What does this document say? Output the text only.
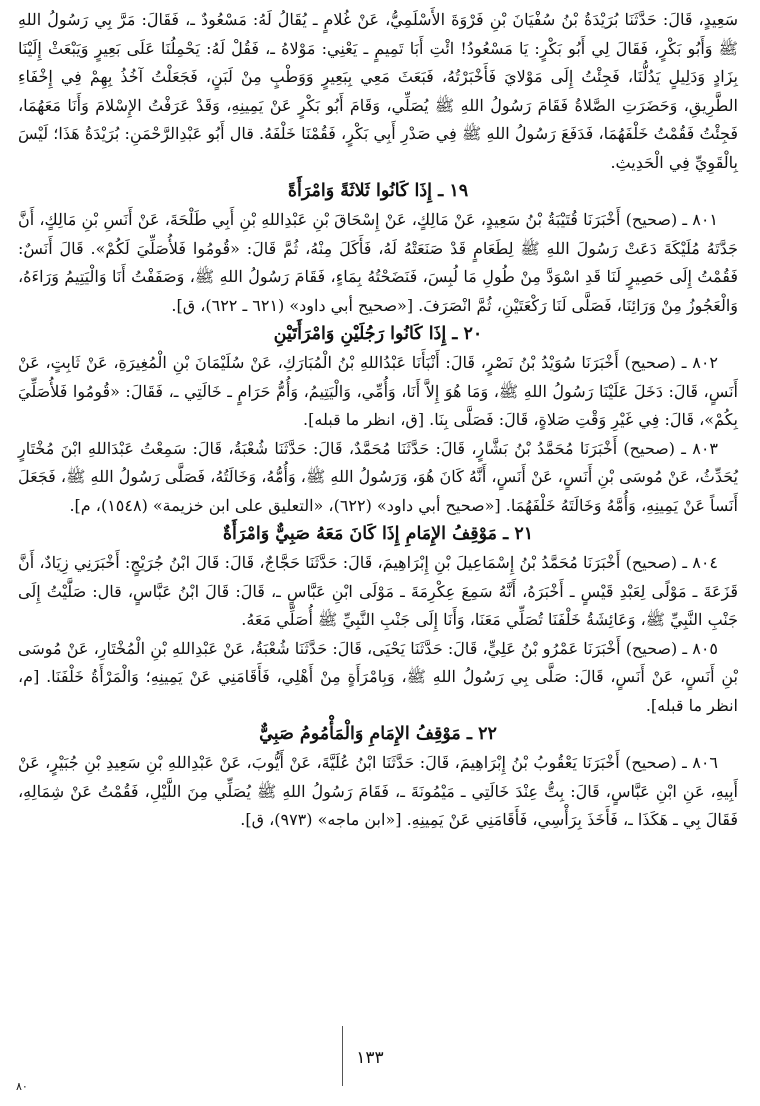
سَعِيدٍ، قَالَ: حَدَّثَنَا بُرَيْدَةُ بْنُ سُفْيَانَ بْنِ فَرْوَةَ الأَسْلَمِيُّ، عَنْ غُلامٍ ـ يُقَالُ لَهُ: مَسْعُودٌ ـ، فَقَالَ: مَرَّ بِي رَسُولُ اللهِ ﷺ وَأَبُو بَكْرٍ، فَقَالَ لِي أَبُو بَكْرٍ: يَا مَسْعُودُ! ائْتِ أَبَا تَمِيمٍ ـ يَعْنِي: مَوْلاهُ ـ، فَقُلْ لَهُ: يَحْمِلُنَا عَلَى بَعِيرٍ وَيَبْعَثْ إِلَيْنَا بِزَادٍ وَدَلِيلٍ يَدُلُّنَا، فَجِئْتُ إِلَى مَوْلايَ فَأَخْبَرْتُهُ، فَبَعَثَ مَعِي بِبَعِيرٍ وَوَطْبٍ مِنْ لَبَنٍ، فَجَعَلْتُ آخُذُ بِهِمْ فِي إِخْفَاءِ الطَّرِيقِ، وَحَضَرَتِ الصَّلاةُ فَقَامَ رَسُولُ اللهِ ﷺ يُصَلِّي، وَقَامَ أَبُو بَكْرٍ عَنْ يَمِينِهِ، وَقَدْ عَرَفْتُ الإِسْلامَ وَأَنَا مَعَهُمَا، فَجِئْتُ فَقُمْتُ خَلْفَهُمَا، فَدَفَعَ رَسُولُ اللهِ ﷺ فِي صَدْرِ أَبِي بَكْرٍ، فَقُمْنَا خَلْفَهُ. قال أَبُو عَبْدِالرَّحْمَنِ: بُرَيْدَةُ هَذَا؛ لَيْسَ بِالْقَوِيِّ فِي الْحَدِيثِ.

١٩ ـ إِذَا كَانُوا ثَلاثَةً وَامْرَأَةً

٨٠١ ـ (صحيح) أَخْبَرَنَا قُتَيْبَةُ بْنُ سَعِيدٍ، عَنْ مَالِكٍ، عَنْ إِسْحَاقَ بْنِ عَبْدِاللهِ بْنِ أَبِي طَلْحَةَ، عَنْ أَنَسِ بْنِ مَالِكٍ، أَنَّ جَدَّتَهُ مُلَيْكَةَ دَعَتْ رَسُولَ اللهِ ﷺ لِطَعَامٍ قَدْ صَنَعَتْهُ لَهُ، فَأَكَلَ مِنْهُ، ثُمَّ قَالَ: «قُومُوا فَلأُصَلِّيَ لَكُمْ». قَالَ أَنَسٌ: فَقُمْتُ إِلَى حَصِيرٍ لَنَا قَدِ اسْوَدَّ مِنْ طُولِ مَا لُبِسَ، فَنَضَحْتُهُ بِمَاءٍ، فَقَامَ رَسُولُ اللهِ ﷺ، وَصَفَفْتُ أَنَا وَالْيَتِيمُ وَرَاءَهُ، وَالْعَجُوزُ مِنْ وَرَائِنَا، فَصَلَّى لَنَا رَكْعَتَيْنِ، ثُمَّ انْصَرَفَ. [«صحيح أبي داود» (٦٢١ ـ ٦٢٢)، ق].

٢٠ ـ إِذَا كَانُوا رَجُلَيْنِ وَامْرَأَتَيْنِ

٨٠٢ ـ (صحيح) أَخْبَرَنَا سُوَيْدُ بْنُ نَصْرٍ، قَالَ: أَنْبَأَنَا عَبْدُاللهِ بْنُ الْمُبَارَكِ، عَنْ سُلَيْمَانَ بْنِ الْمُغِيرَةِ، عَنْ ثَابِتٍ، عَنْ أَنَسٍ، قَالَ: دَخَلَ عَلَيْنَا رَسُولُ اللهِ ﷺ، وَمَا هُوَ إِلاَّ أَنَا، وَأُمِّي، وَالْيَتِيمُ، وَأُمُّ حَرَامٍ ـ خَالَتِي ـ، فَقَالَ: «قُومُوا فَلأُصَلِّيَ بِكُمْ»، قَالَ: فِي غَيْرِ وَقْتِ صَلاةٍ، قَالَ: فَصَلَّى بِنَا. [ق، انظر ما قبله].

٨٠٣ ـ (صحيح) أَخْبَرَنَا مُحَمَّدُ بْنُ بَشَّارٍ، قَالَ: حَدَّثَنَا مُحَمَّدٌ، قَالَ: حَدَّثَنَا شُعْبَةُ، قَالَ: سَمِعْتُ عَبْدَاللهِ ابْنَ مُخْتَارٍ يُحَدِّثُ، عَنْ مُوسَى بْنِ أَنَسٍ، عَنْ أَنَسٍ، أَنَّهُ كَانَ هُوَ، وَرَسُولُ اللهِ ﷺ، وَأُمُّهُ، وَخَالَتُهُ، فَصَلَّى رَسُولُ اللهِ ﷺ، فَجَعَلَ أَنَساً عَنْ يَمِينِهِ، وَأُمَّهُ وَخَالَتَهُ خَلْفَهُمَا. [«صحيح أبي داود» (٦٢٢)، «التعليق على ابن خزيمة» (١٥٤٨)، م].

٢١ ـ مَوْقِفُ الإِمَامِ إِذَا كَانَ مَعَهُ صَبِيٌّ وَامْرَأَةٌ

٨٠٤ ـ (صحيح) أَخْبَرَنَا مُحَمَّدُ بْنُ إِسْمَاعِيلَ بْنِ إِبْرَاهِيمَ، قَالَ: حَدَّثَنَا حَجَّاجٌ، قَالَ: قَالَ ابْنُ جُرَيْجٍ: أَخْبَرَنِي زِيَادٌ، أَنَّ قَزَعَةَ ـ مَوْلًى لِعَبْدِ قَيْسٍ ـ أَخْبَرَهُ، أَنَّهُ سَمِعَ عِكْرِمَةَ ـ مَوْلَى ابْنِ عَبَّاسٍ ـ، قَالَ: قَالَ ابْنُ عَبَّاسٍ، قال: صَلَّيْتُ إِلَى جَنْبِ النَّبِيِّ ﷺ، وَعَائِشَةُ خَلْفَنَا تُصَلِّي مَعَنَا، وَأَنَا إِلَى جَنْبِ النَّبِيِّ ﷺ أُصَلِّي مَعَهُ.

٨٠٥ ـ (صحيح) أَخْبَرَنَا عَمْرُو بْنُ عَلِيٍّ، قَالَ: حَدَّثَنَا يَحْيَى، قَالَ: حَدَّثَنَا شُعْبَةُ، عَنْ عَبْدِاللهِ بْنِ الْمُخْتَارِ، عَنْ مُوسَى بْنِ أَنَسٍ، عَنْ أَنَسٍ، قَالَ: صَلَّى بِي رَسُولُ اللهِ ﷺ، وَبِامْرَأَةٍ مِنْ أَهْلِي، فَأَقَامَنِي عَنْ يَمِينِهِ؛ وَالْمَرْأَةُ خَلْفَنَا. [م، انظر ما قبله].

٢٢ ـ مَوْقِفُ الإِمَامِ وَالْمَأْمُومُ صَبِيٌّ

٨٠٦ ـ (صحيح) أَخْبَرَنَا يَعْقُوبُ بْنُ إِبْرَاهِيمَ، قَالَ: حَدَّثَنَا ابْنُ عُلَيَّةَ، عَنْ أَيُّوبَ، عَنْ عَبْدِاللهِ بْنِ سَعِيدِ بْنِ جُبَيْرٍ، عَنْ أَبِيهِ، عَنِ ابْنِ عَبَّاسٍ، قَالَ: بِتُّ عِنْدَ خَالَتِي ـ مَيْمُونَةَ ـ، فَقَامَ رَسُولُ اللهِ ﷺ يُصَلِّي مِنَ اللَّيْلِ، فَقُمْتُ عَنْ شِمَالِهِ، فَقَالَ بِي ـ هَكَذَا ـ، فَأَخَذَ بِرَأْسِي، فَأَقَامَنِي عَنْ يَمِينِهِ. [«ابن ماجه» (٩٧٣)، ق].

١٣٣
٨٠
